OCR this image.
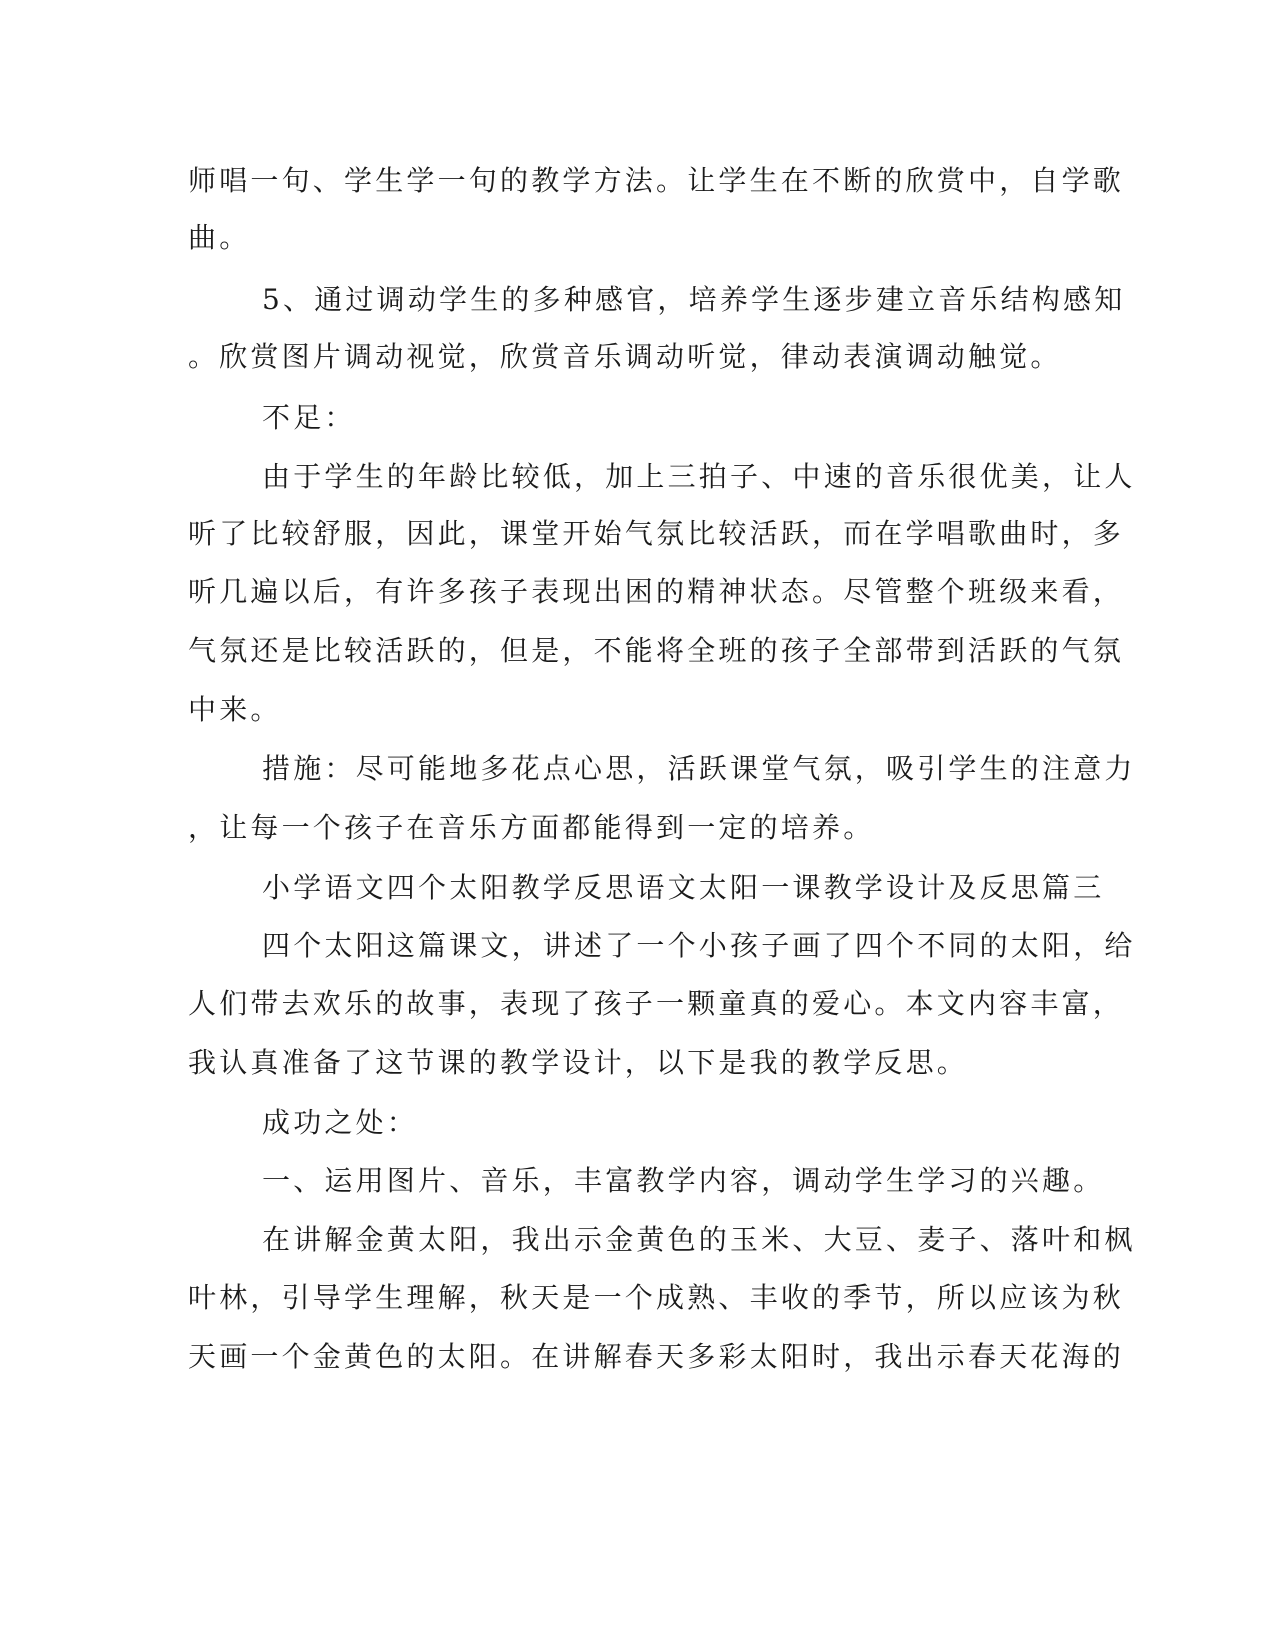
师唱一句、学生学一句的教学方法。让学生在不断的欣赏中，自学歌
曲。
5、通过调动学生的多种感官，培养学生逐步建立音乐结构感知
。欣赏图片调动视觉，欣赏音乐调动听觉，律动表演调动触觉。
不足：
由于学生的年龄比较低，加上三拍子、中速的音乐很优美，让人
听了比较舒服，因此，课堂开始气氛比较活跃，而在学唱歌曲时，多
听几遍以后，有许多孩子表现出困的精神状态。尽管整个班级来看，
气氛还是比较活跃的，但是，不能将全班的孩子全部带到活跃的气氛
中来。
措施：尽可能地多花点心思，活跃课堂气氛，吸引学生的注意力
，让每一个孩子在音乐方面都能得到一定的培养。
小学语文四个太阳教学反思语文太阳一课教学设计及反思篇三
四个太阳这篇课文，讲述了一个小孩子画了四个不同的太阳，给
人们带去欢乐的故事，表现了孩子一颗童真的爱心。本文内容丰富，
我认真准备了这节课的教学设计，以下是我的教学反思。
成功之处：
一、运用图片、音乐，丰富教学内容，调动学生学习的兴趣。
在讲解金黄太阳，我出示金黄色的玉米、大豆、麦子、落叶和枫
叶林，引导学生理解，秋天是一个成熟、丰收的季节，所以应该为秋
天画一个金黄色的太阳。在讲解春天多彩太阳时，我出示春天花海的
